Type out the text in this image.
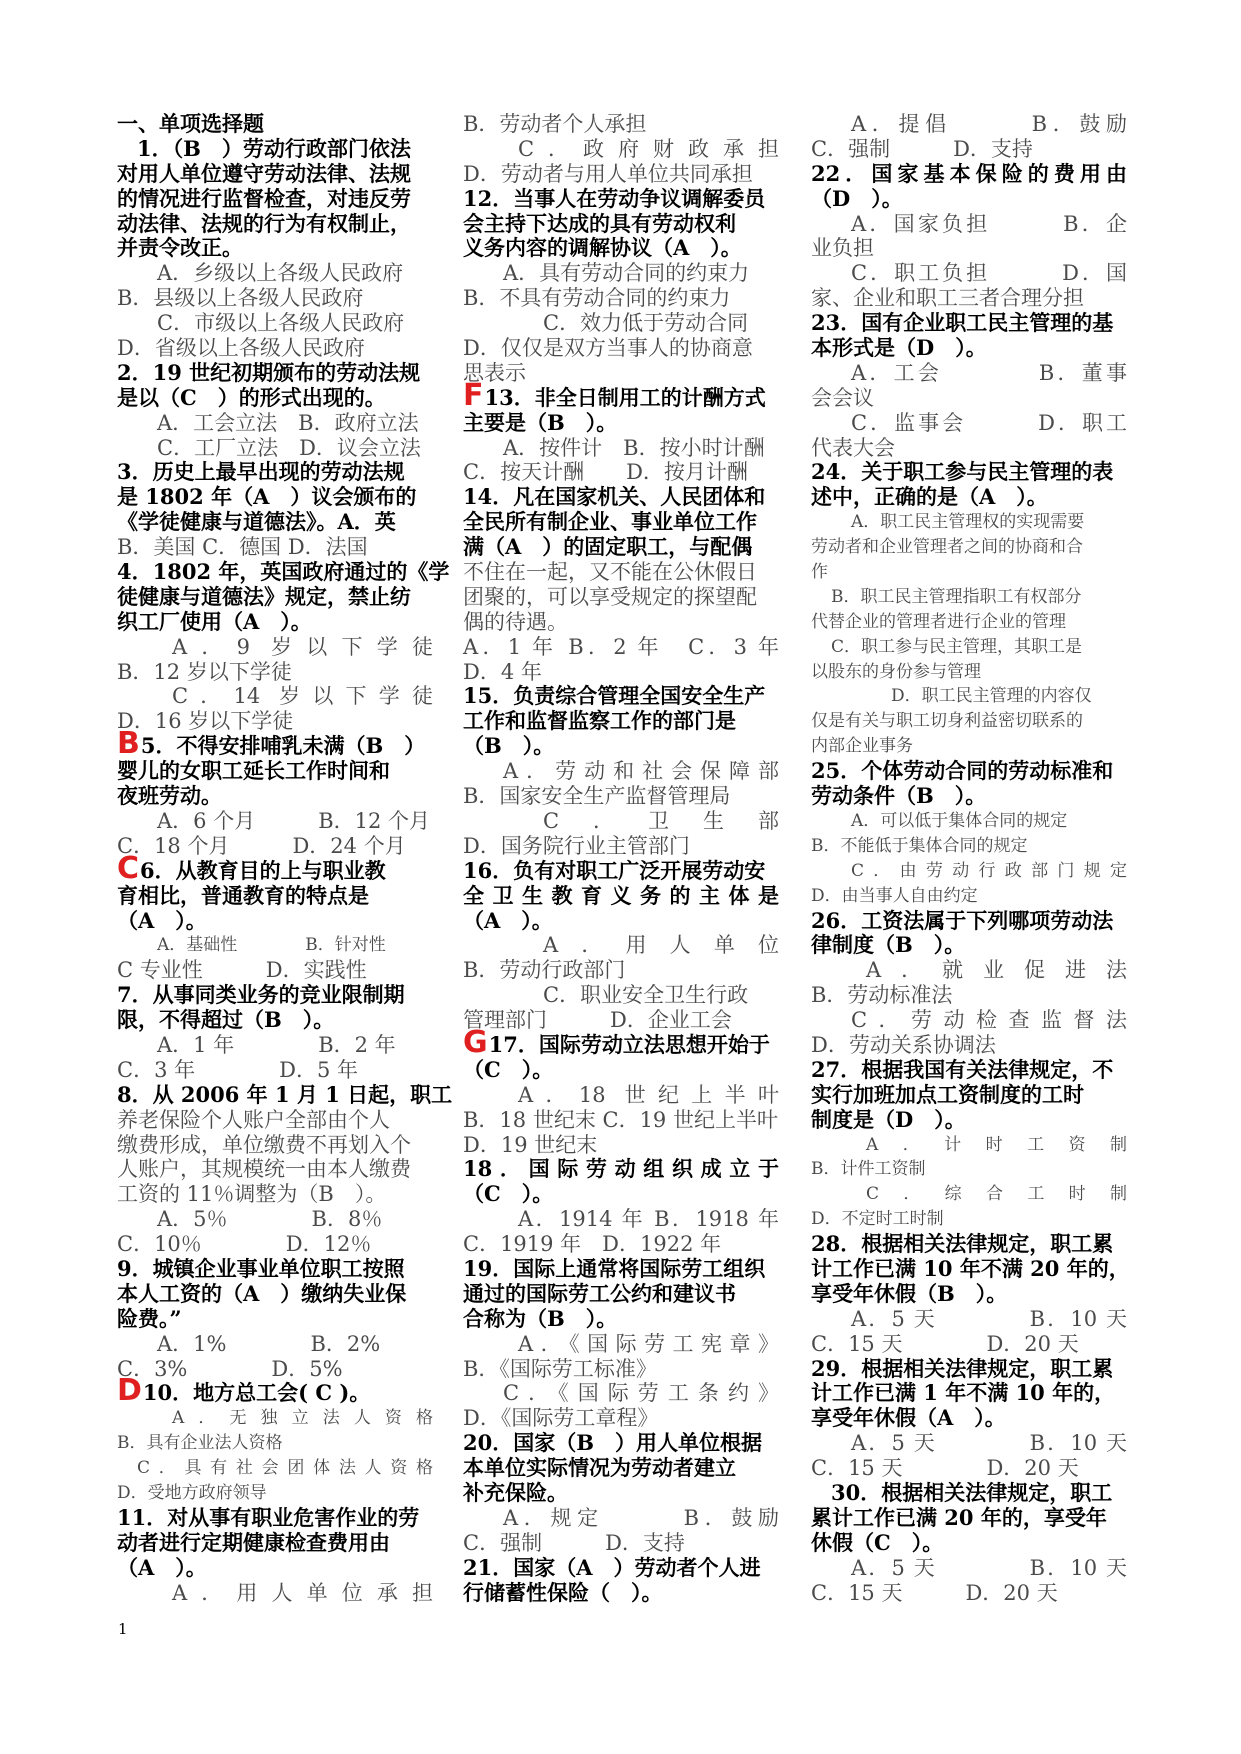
一、单项选择题
1．（B　）劳动行政部门依法
对用人单位遵守劳动法律、法规
的情况进行监督检查，对违反劳
动法律、法规的行为有权制止，
并责令改正。
A．乡级以上各级人民政府
B．县级以上各级人民政府
C．市级以上各级人民政府
D．省级以上各级人民政府
2．19 世纪初期颁布的劳动法规
是以（C　）的形式出现的。
A．工会立法　B．政府立法
C．工厂立法　D．议会立法
3．历史上最早出现的劳动法规
是 1802 年（A　）议会颁布的
《学徒健康与道德法》。A．英
B．美国 C．德国 D．法国
4．1802 年，英国政府通过的《学
徒健康与道德法》规定，禁止纺
织工厂使用（A　）。
A．9 岁以下学徒
B．12 岁以下学徒
C．14 岁以下学徒
D．16 岁以下学徒
B5．不得安排哺乳未满（B　）
婴儿的女职工延长工作时间和
夜班劳动。
A．6 个月　　　B．12 个月
C．18 个月　　　D．24 个月
C6．从教育目的上与职业教
育相比，普通教育的特点是
（A　）。
A．基础性　　　　B．针对性
C 专业性　　　D．实践性
7．从事同类业务的竞业限制期
限，不得超过（B　）。
A．1 年　　　　B．2 年
C．3 年　　　　D．5 年
8．从 2006 年 1 月 1 日起，职工
养老保险个人账户全部由个人
缴费形成，单位缴费不再划入个
人账户，其规模统一由本人缴费
工资的 11％调整为（B　）。
A．5％　　　　B．8％
C．10％　　　　D．12％
9．城镇企业事业单位职工按照
本人工资的（A　）缴纳失业保
险费。”
A．1%　　　　B．2%
C．3%　　　　D．5%
D10．地方总工会( C )。
A．无独立法人资格
B．具有企业法人资格
C．具有社会团体法人资格
D．受地方政府领导
11．对从事有职业危害作业的劳
动者进行定期健康检查费用由
（A　）。
A．用人单位承担
B．劳动者个人承担
C．政府财政承担
D．劳动者与用人单位共同承担
12．当事人在劳动争议调解委员
会主持下达成的具有劳动权利
义务内容的调解协议（A　）。
A．具有劳动合同的约束力
B．不具有劳动合同的约束力
C．效力低于劳动合同
D．仅仅是双方当事人的协商意
思表示
F13．非全日制用工的计酬方式
主要是（B　）。
A．按件计　B．按小时计酬
C．按天计酬　　D．按月计酬
14．凡在国家机关、人民团体和
全民所有制企业、事业单位工作
满（A　）的固定职工，与配偶
不住在一起，又不能在公休假日
团聚的，可以享受规定的探望配
偶的待遇。
A．1 年 B．2 年　C．3 年
D．4 年
15．负责综合管理全国安全生产
工作和监督监察工作的部门是
（B　）。
A．劳动和社会保障部
B．国家安全生产监督管理局
C．卫生部
D．国务院行业主管部门
16．负有对职工广泛开展劳动安
全卫生教育义务的主体是
（A　）。
A．用人单位
B．劳动行政部门
C．职业安全卫生行政
管理部门　　　D．企业工会
G17．国际劳动立法思想开始于
（C　）。
A．18 世纪上半叶
B．18 世纪末 C．19 世纪上半叶
D．19 世纪末
18．国际劳动组织成立于
（C　）。
A．1914 年 B．1918 年
C．1919 年　D．1922 年
19．国际上通常将国际劳工组织
通过的国际劳工公约和建议书
合称为（B　）。
A．《国际劳工宪章》
B．《国际劳工标准》
C．《国际劳工条约》
D．《国际劳工章程》
20．国家（B　）用人单位根据
本单位实际情况为劳动者建立
补充保险。
A．规定　　　B．鼓励
C．强制　　　D．支持
21．国家（A　）劳动者个人进
行储蓄性保险（　）。
A．提倡　　　B．鼓励
C．强制　　　D．支持
22．国家基本保险的费用由
（D　）。
A．国家负担　　　B．企
业负担
C．职工负担　　　D．国
家、企业和职工三者合理分担
23．国有企业职工民主管理的基
本形式是（D　）。
A．工会　　　　B．董事
会会议
C．监事会　　　D．职工
代表大会
24．关于职工参与民主管理的表
述中，正确的是（A　）。
A．职工民主管理权的实现需要
劳动者和企业管理者之间的协商和合
作
B．职工民主管理指职工有权部分
代替企业的管理者进行企业的管理
C．职工参与民主管理，其职工是
以股东的身份参与管理
D．职工民主管理的内容仅
仅是有关与职工切身利益密切联系的
内部企业事务
25．个体劳动合同的劳动标准和
劳动条件（B　）。
A．可以低于集体合同的规定
B．不能低于集体合同的规定
C．由劳动行政部门规定
D．由当事人自由约定
26．工资法属于下列哪项劳动法
律制度（B　）。
A．就业促进法
B．劳动标准法
C．劳动检查监督法
D．劳动关系协调法
27．根据我国有关法律规定，不
实行加班加点工资制度的工时
制度是（D　）。
A．计时工资制
B．计件工资制
C．综合工时制
D．不定时工时制
28．根据相关法律规定，职工累
计工作已满 10 年不满 20 年的，
享受年休假（B　）。
A．5 天　　　　B．10 天
C．15 天　　　　D．20 天
29．根据相关法律规定，职工累
计工作已满 1 年不满 10 年的，
享受年休假（A　）。
A．5 天　　　　B．10 天
C．15 天　　　　D．20 天
30．根据相关法律规定，职工
累计工作已满 20 年的，享受年
休假（C　）。
A．5 天　　　　B．10 天
C．15 天　　　D．20 天
1
